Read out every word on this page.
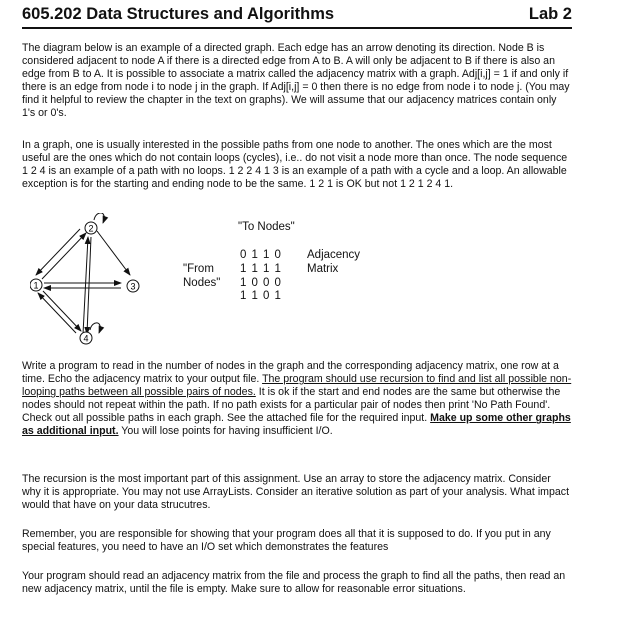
605.202 Data Structures and Algorithms	Lab 2

The diagram below is an example of a directed graph. Each edge has an arrow denoting its direction. Node B is considered adjacent to node A if there is a directed edge from A to B. A will only be adjacent to B if there is also an edge from B to A. It is possible to associate a matrix called the adjacency matrix with a graph. Adj[i,j] = 1 if and only if there is an edge from node i to node j in the graph. If Adj[i,j] = 0 then there is no edge from node i to node j. (You may find it helpful to review the chapter in the text on graphs). We will assume that our adjacency matrices contain only 1's or 0's.

In a graph, one is usually interested in the possible paths from one node to another. The ones which are the most useful are the ones which do not contain loops (cycles), i.e.. do not visit a node more than once. The node sequence 1 2 4 is an example of a path with no loops. 1 2 2 4 1 3 is an example of a path with a cycle and a loop. An allowable exception is for the starting and ending node to be the same. 1 2 1 is OK but not 1 2 1 2 4 1.

1
2
3
4
"To Nodes"
"From
Nodes"
0 1 1 0
1 1 1 1
1 0 0 0
1 1 0 1
Adjacency
Matrix

Write a program to read in the number of nodes in the graph and the corresponding adjacency matrix, one row at a time. Echo the adjacency matrix to your output file. The program should use recursion to find and list all possible non-looping paths between all possible pairs of nodes. It is ok if the start and end nodes are the same but otherwise the nodes should not repeat within the path. If no path exists for a particular pair of nodes then print 'No Path Found'. Check out all possible paths in each graph. See the attached file for the required input. Make up some other graphs as additional input. You will lose points for having insufficient I/O.

The recursion is the most important part of this assignment. Use an array to store the adjacency matrix. Consider why it is appropriate. You may not use ArrayLists. Consider an iterative solution as part of your analysis. What impact would that have on your data strucutres.

Remember, you are responsible for showing that your program does all that it is supposed to do. If you put in any special features, you need to have an I/O set which demonstrates the features

Your program should read an adjacency matrix from the file and process the graph to find all the paths, then read an new adjacency matrix, until the file is empty. Make sure to allow for reasonable error situations.
